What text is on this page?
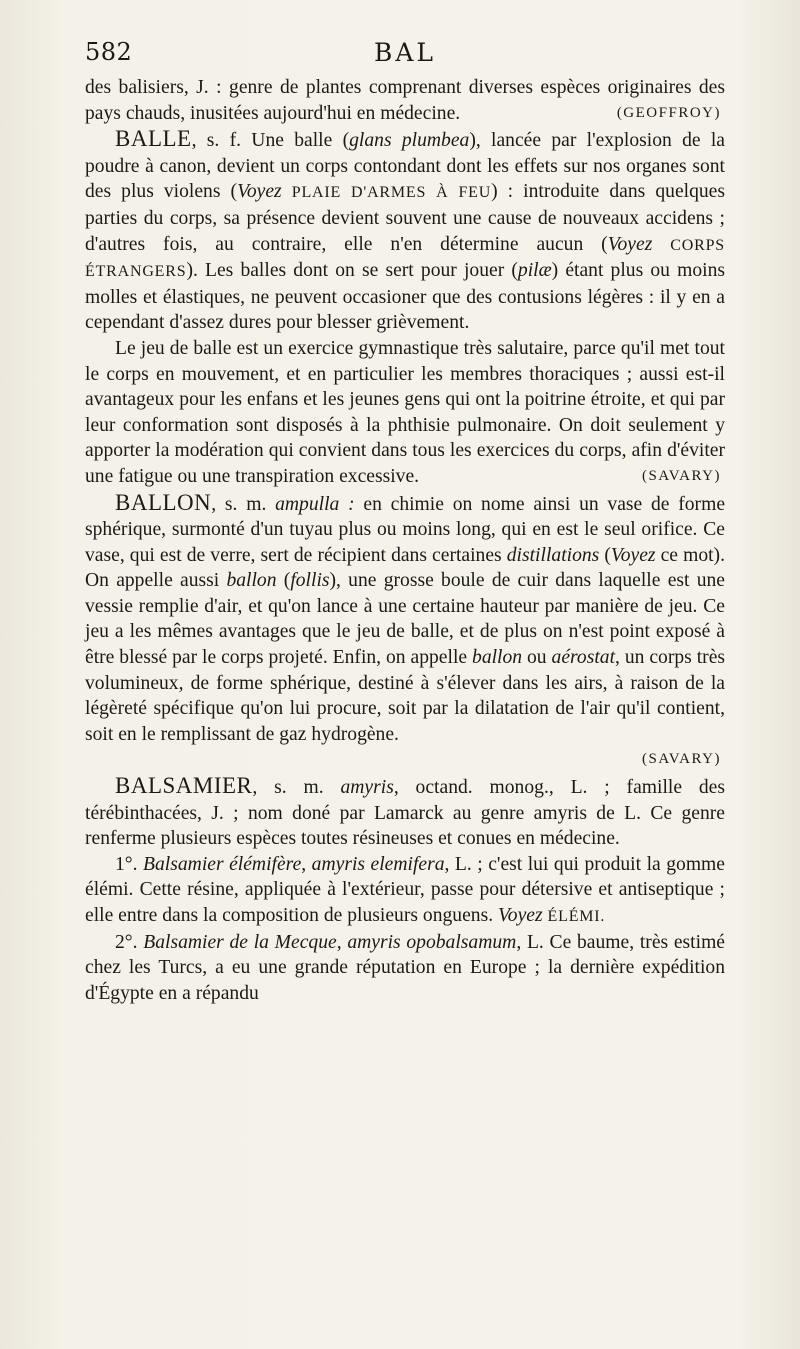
582	BAL

des balisiers, J. : genre de plantes comprenant diverses espèces originaires des pays chauds, inusitées aujourd'hui en médecine.	(GEOFFROY)

BALLE, s. f. Une balle (glans plumbea), lancée par l'explosion de la poudre à canon, devient un corps contondant dont les effets sur nos organes sont des plus violens (Voyez PLAIE D'ARMES À FEU) : introduite dans quelques parties du corps, sa présence devient souvent une cause de nouveaux accidens ; d'autres fois, au contraire, elle n'en détermine aucun (Voyez CORPS ÉTRANGERS). Les balles dont on se sert pour jouer (pilæ) étant plus ou moins molles et élastiques, ne peuvent occasioner que des contusions légères : il y en a cependant d'assez dures pour blesser grièvement.

Le jeu de balle est un exercice gymnastique très salutaire, parce qu'il met tout le corps en mouvement, et en particulier les membres thoraciques ; aussi est-il avantageux pour les enfans et les jeunes gens qui ont la poitrine étroite, et qui par leur conformation sont disposés à la phthisie pulmonaire. On doit seulement y apporter la modération qui convient dans tous les exercices du corps, afin d'éviter une fatigue ou une transpiration excessive.	(SAVARY)

BALLON, s. m. ampulla : en chimie on nome ainsi un vase de forme sphérique, surmonté d'un tuyau plus ou moins long, qui en est le seul orifice. Ce vase, qui est de verre, sert de récipient dans certaines distillations (Voyez ce mot). On appelle aussi ballon (follis), une grosse boule de cuir dans laquelle est une vessie remplie d'air, et qu'on lance à une certaine hauteur par manière de jeu. Ce jeu a les mêmes avantages que le jeu de balle, et de plus on n'est point exposé à être blessé par le corps projeté. Enfin, on appelle ballon ou aérostat, un corps très volumineux, de forme sphérique, destiné à s'élever dans les airs, à raison de la légèreté spécifique qu'on lui procure, soit par la dilatation de l'air qu'il contient, soit en le remplissant de gaz hydrogène.

(SAVARY)

BALSAMIER, s. m. amyris, octand. monog., L. ; famille des térébinthacées, J. ; nom doné par Lamarck au genre amyris de L. Ce genre renferme plusieurs espèces toutes résineuses et conues en médecine.

1°. Balsamier élémifère, amyris elemifera, L. ; c'est lui qui produit la gomme élémi. Cette résine, appliquée à l'extérieur, passe pour détersive et antiseptique ; elle entre dans la composition de plusieurs onguens. Voyez ÉLÉMI.

2°. Balsamier de la Mecque, amyris opobalsamum, L. Ce baume, très estimé chez les Turcs, a eu une grande réputation en Europe ; la dernière expédition d'Égypte en a répandu
